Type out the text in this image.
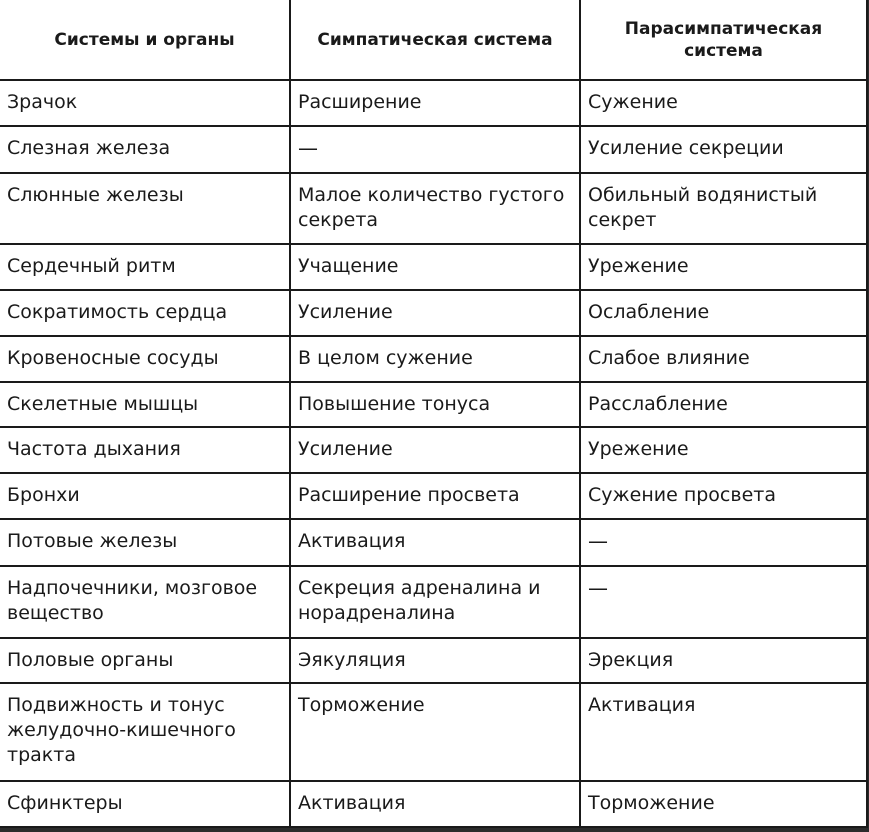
Системы и органы	Симпатическая система	Парасимпатическая система
Зрачок	Расширение	Сужение
Слезная железа	—	Усиление секреции
Слюнные железы	Малое количество густого секрета	Обильный водянистый секрет
Сердечный ритм	Учащение	Урежение
Сократимость сердца	Усиление	Ослабление
Кровеносные сосуды	В целом сужение	Слабое влияние
Скелетные мышцы	Повышение тонуса	Расслабление
Частота дыхания	Усиление	Урежение
Бронхи	Расширение просвета	Сужение просвета
Потовые железы	Активация	—
Надпочечники, мозговое вещество	Секреция адреналина и норадреналина	—
Половые органы	Эякуляция	Эрекция
Подвижность и тонус желудочно-кишечного тракта	Торможение	Активация
Сфинктеры	Активация	Торможение
